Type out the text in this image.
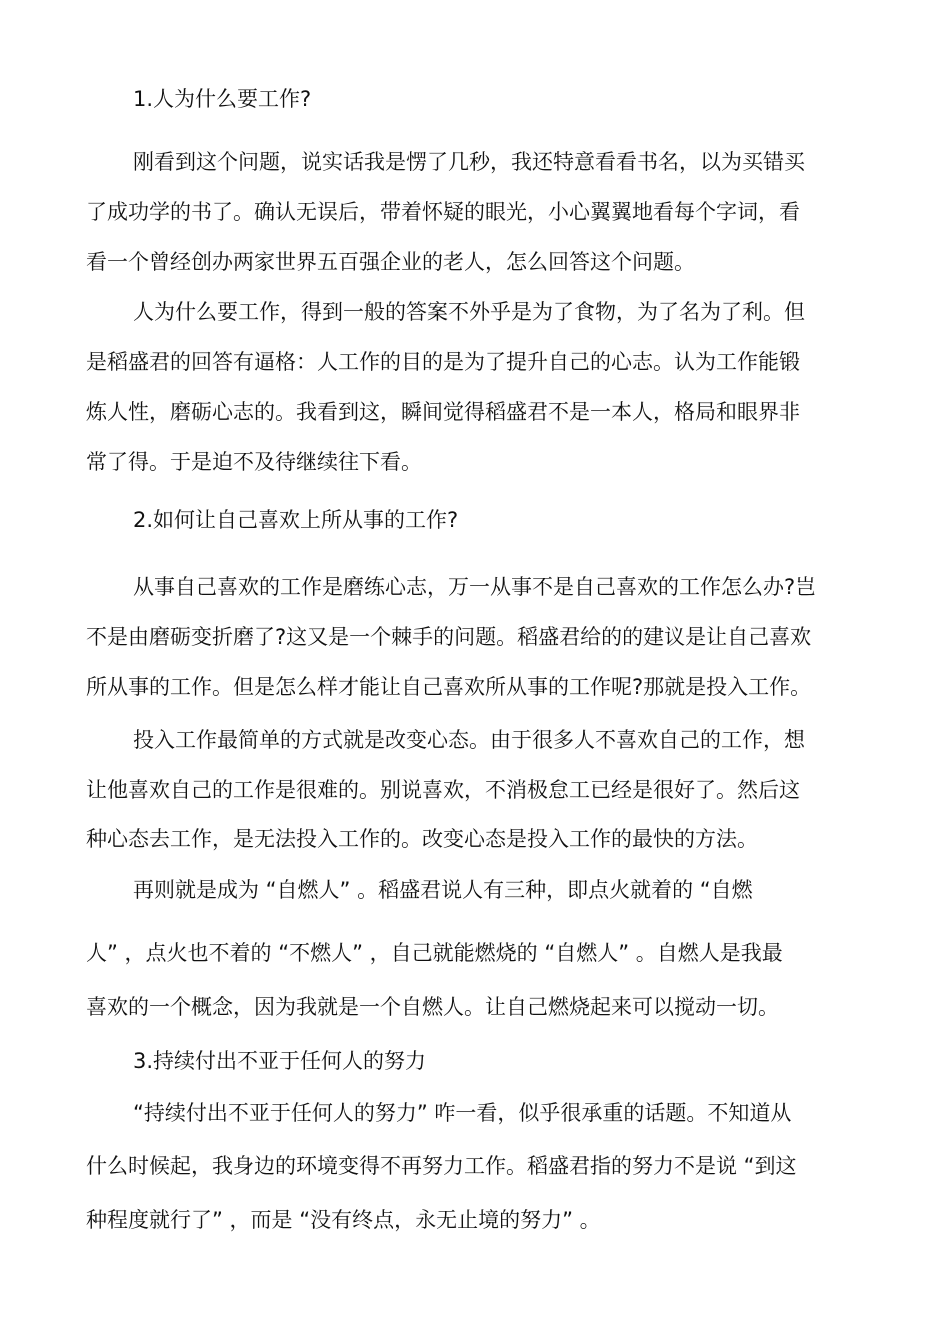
1.人为什么要工作?
刚看到这个问题，说实话我是愣了几秒，我还特意看看书名，以为买错买
了成功学的书了。确认无误后，带着怀疑的眼光，小心翼翼地看每个字词，看
看一个曾经创办两家世界五百强企业的老人，怎么回答这个问题。
人为什么要工作，得到一般的答案不外乎是为了食物，为了名为了利。但
是稻盛君的回答有逼格：人工作的目的是为了提升自己的心志。认为工作能锻
炼人性，磨砺心志的。我看到这，瞬间觉得稻盛君不是一本人，格局和眼界非
常了得。于是迫不及待继续往下看。
2.如何让自己喜欢上所从事的工作?
从事自己喜欢的工作是磨练心志，万一从事不是自己喜欢的工作怎么办?岂
不是由磨砺变折磨了?这又是一个棘手的问题。稻盛君给的的建议是让自己喜欢
所从事的工作。但是怎么样才能让自己喜欢所从事的工作呢?那就是投入工作。
投入工作最简单的方式就是改变心态。由于很多人不喜欢自己的工作，想
让他喜欢自己的工作是很难的。别说喜欢，不消极怠工已经是很好了。然后这
种心态去工作，是无法投入工作的。改变心态是投入工作的最快的方法。
再则就是成为 “自燃人” 。稻盛君说人有三种，即点火就着的 “自燃
人” ，点火也不着的 “不燃人” ，自己就能燃烧的 “自燃人” 。自燃人是我最
喜欢的一个概念，因为我就是一个自燃人。让自己燃烧起来可以搅动一切。
3.持续付出不亚于任何人的努力
“持续付出不亚于任何人的努力” 咋一看，似乎很承重的话题。不知道从
什么时候起，我身边的环境变得不再努力工作。稻盛君指的努力不是说 “到这
种程度就行了” ，而是 “没有终点，永无止境的努力” 。
